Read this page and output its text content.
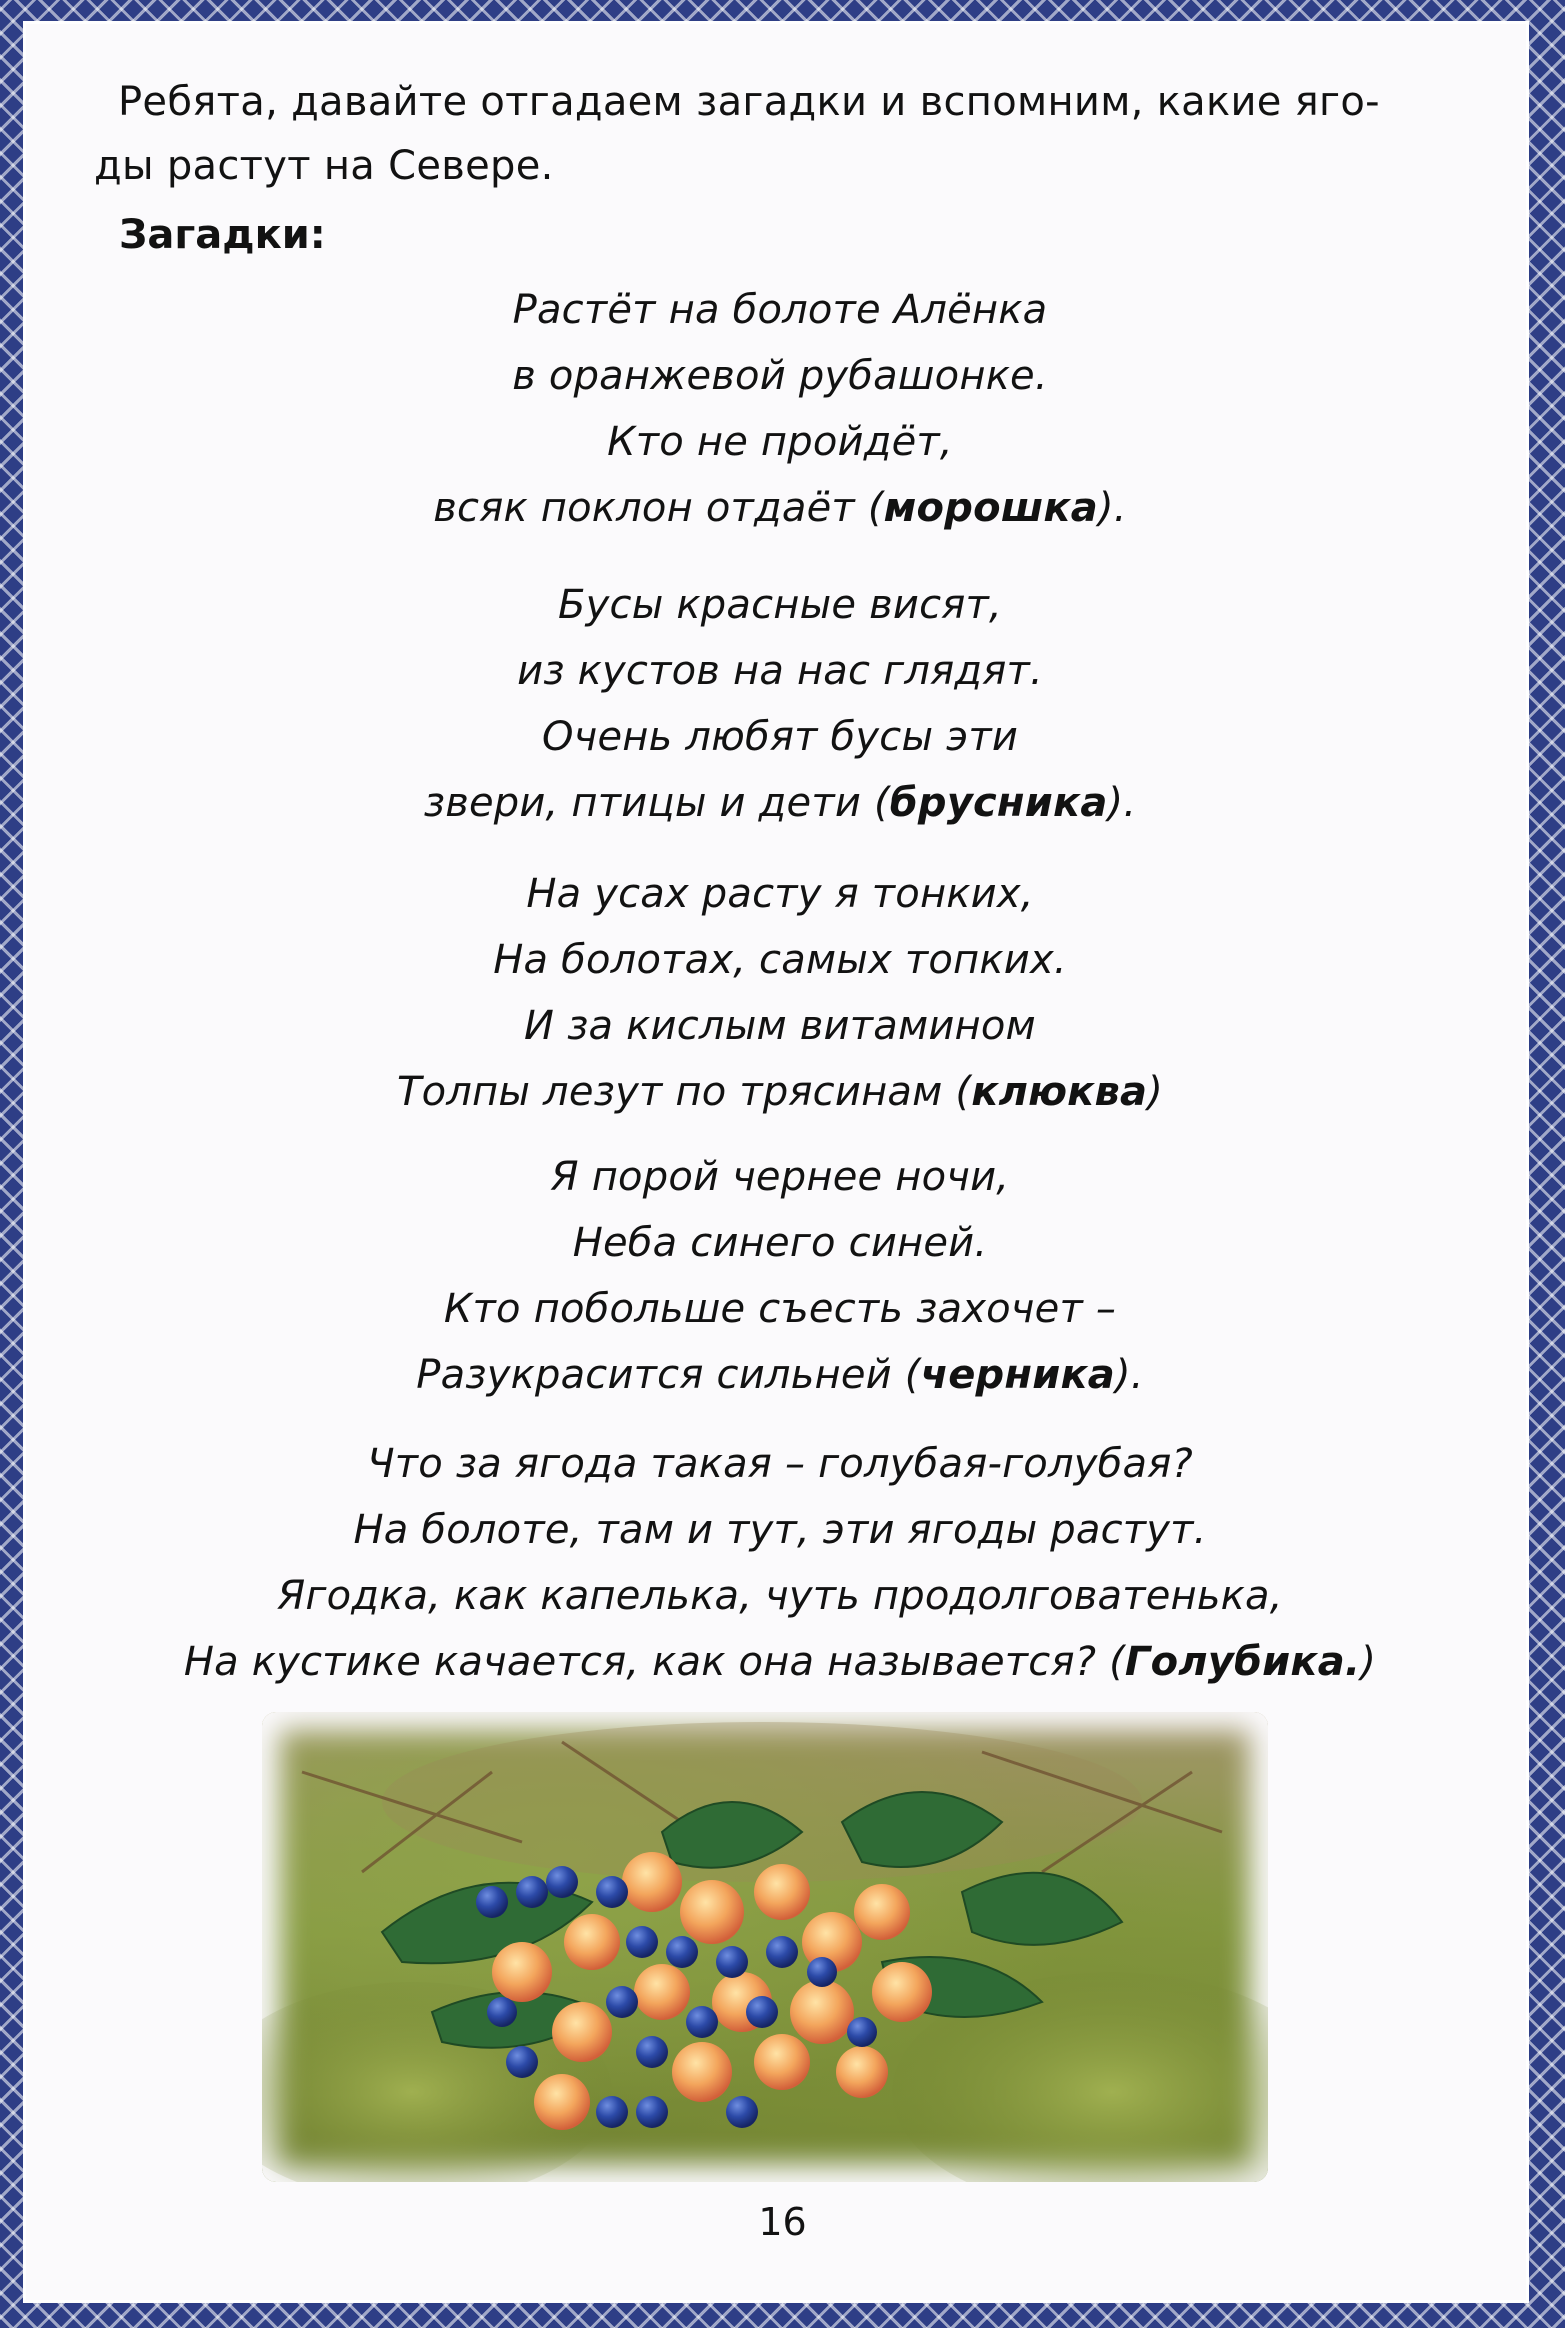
Ребята, давайте отгадаем загадки и вспомним, какие яго-
ды растут на Севере.
Загадки:
Растёт на болоте Алёнка
в оранжевой рубашонке.
Кто не пройдёт,
всяк поклон отдаёт (морошка).
Бусы красные висят,
из кустов на нас глядят.
Очень любят бусы эти
звери, птицы и дети (брусника).
На усах расту я тонких,
На болотах, самых топких.
И за кислым витамином
Толпы лезут по трясинам (клюква)
Я порой чернее ночи,
Неба синего синей.
Кто побольше съесть захочет –
Разукрасится сильней (черника).
Что за ягода такая – голубая-голубая?
На болоте, там и тут, эти ягоды растут.
Ягодка, как капелька, чуть продолговатенька,
На кустике качается, как она называется? (Голубика.)
16
